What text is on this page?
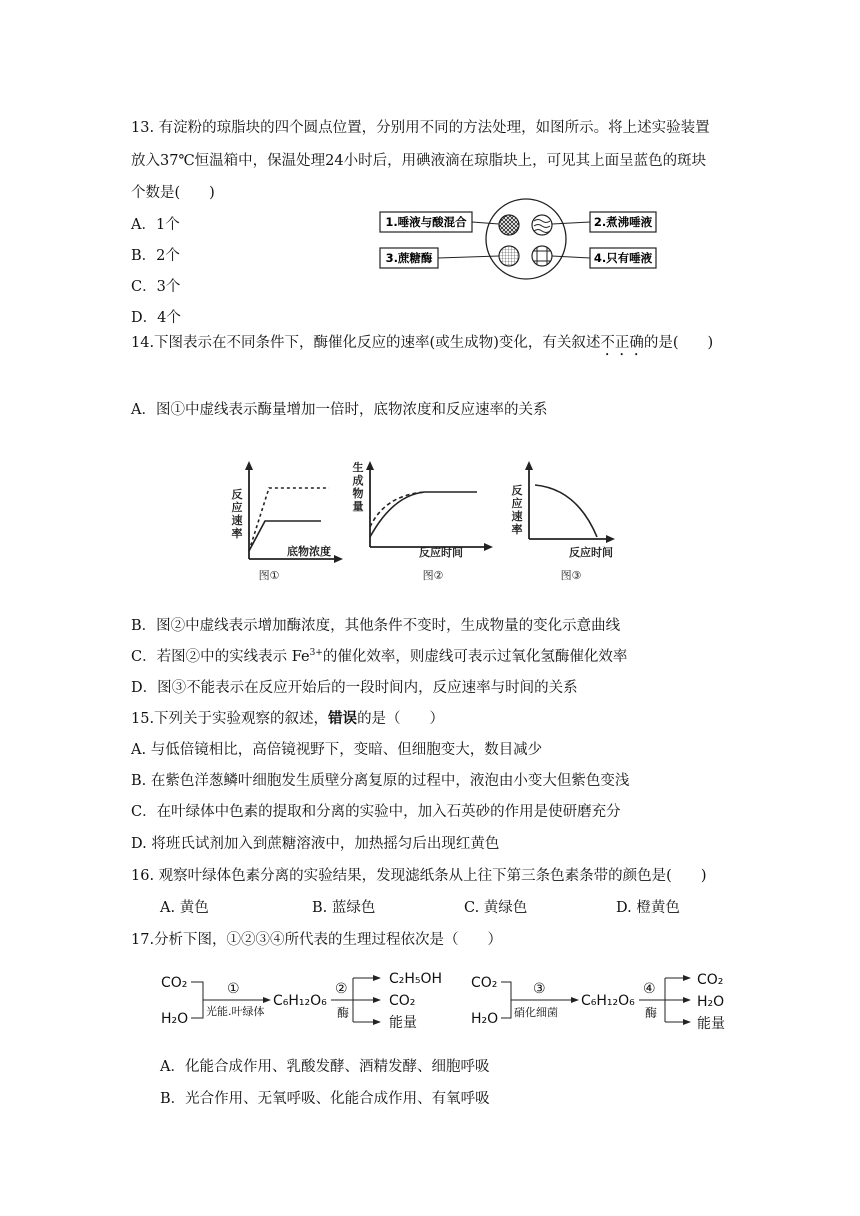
13. 有淀粉的琼脂块的四个圆点位置，分别用不同的方法处理，如图所示。将上述实验装置
放入37℃恒温箱中，保温处理24小时后，用碘液滴在琼脂块上，可见其上面呈蓝色的斑块
个数是(　　)
A．1个
B．2个
C．3个
D．4个
1.唾液与酸混合	2.煮沸唾液
3.蔗糖酶	4.只有唾液
14.下图表示在不同条件下，酶催化反应的速率(或生成物)变化，有关叙述不正确的是(　　)
A．图①中虚线表示酶量增加一倍时，底物浓度和反应速率的关系
反
应
速
率
底物浓度
图①
生
成
物
量
反应时间
图②
反
应
速
率
反应时间
图③
B．图②中虚线表示增加酶浓度，其他条件不变时，生成物量的变化示意曲线
C．若图②中的实线表示 $Fe^{3+}$的催化效率，则虚线可表示过氧化氢酶催化效率
D．图③不能表示在反应开始后的一段时间内，反应速率与时间的关系
15.下列关于实验观察的叙述，错误的是（　　）
A. 与低倍镜相比，高倍镜视野下，变暗、但细胞变大，数目减少
B. 在紫色洋葱鳞叶细胞发生质壁分离复原的过程中，液泡由小变大但紫色变浅
C．在叶绿体中色素的提取和分离的实验中，加入石英砂的作用是使研磨充分
D. 将班氏试剂加入到蔗糖溶液中，加热摇匀后出现红黄色
16. 观察叶绿体色素分离的实验结果，发现滤纸条从上往下第三条色素条带的颜色是(　　)
A. 黄色	B. 蓝绿色	C. 黄绿色	D. 橙黄色
17.分析下图，①②③④所代表的生理过程依次是（　　）
CO₂
H₂O
①
光能.叶绿体
C₆H₁₂O₆
②
酶
C₂H₅OH
CO₂
能量
CO₂
H₂O
③
硝化细菌
C₆H₁₂O₆
④
酶
CO₂
H₂O
能量
A．化能合成作用、乳酸发酵、酒精发酵、细胞呼吸
B．光合作用、无氧呼吸、化能合成作用、有氧呼吸
